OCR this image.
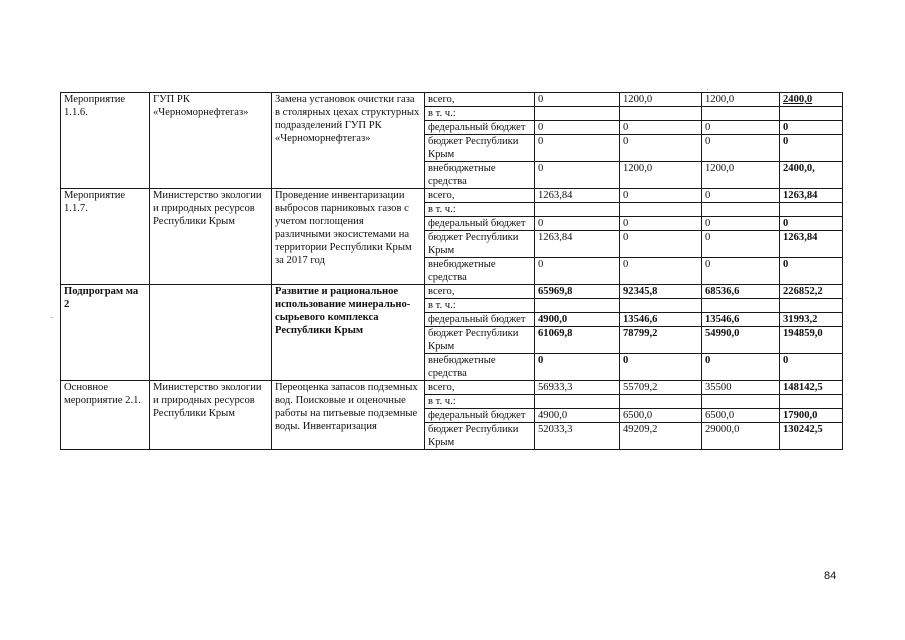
Мероприятие 1.1.6.	ГУП РК «Черноморнефтегаз»	Замена установок очистки газа в столярных цехах структурных подразделений ГУП РК «Черноморнефтегаз»	всего,	0	1200,0	1200,0	2400,0
			в т. ч.:				
			федеральный бюджет	0	0	0	0
			бюджет Республики Крым	0	0	0	0
			внебюджетные средства	0	1200,0	1200,0	2400,0,
Мероприятие 1.1.7.	Министерство экологии и природных ресурсов Республики Крым	Проведение инвентаризации выбросов парниковых газов с учетом поглощения различными экосистемами на территории Республики Крым за 2017 год	всего,	1263,84	0	0	1263,84
			в т. ч.:				
			федеральный бюджет	0	0	0	0
			бюджет Республики Крым	1263,84	0	0	1263,84
			внебюджетные средства	0	0	0	0
Подпрограм ма 2		Развитие и рациональное использование минерально-сырьевого комплекса Республики Крым	всего,	65969,8	92345,8	68536,6	226852,2
			в т. ч.:				
			федеральный бюджет	4900,0	13546,6	13546,6	31993,2
			бюджет Республики Крым	61069,8	78799,2	54990,0	194859,0
			внебюджетные средства	0	0	0	0
Основное мероприятие 2.1.	Министерство экологии и природных ресурсов Республики Крым	Переоценка запасов подземных вод. Поисковые и оценочные работы на питьевые подземные воды. Инвентаризация	всего,	56933,3	55709,2	35500	148142,5
			в т. ч.:				
			федеральный бюджет	4900,0	6500,0	6500,0	17900,0
			бюджет Республики Крым	52033,3	49209,2	29000,0	130242,5
-
·
84
